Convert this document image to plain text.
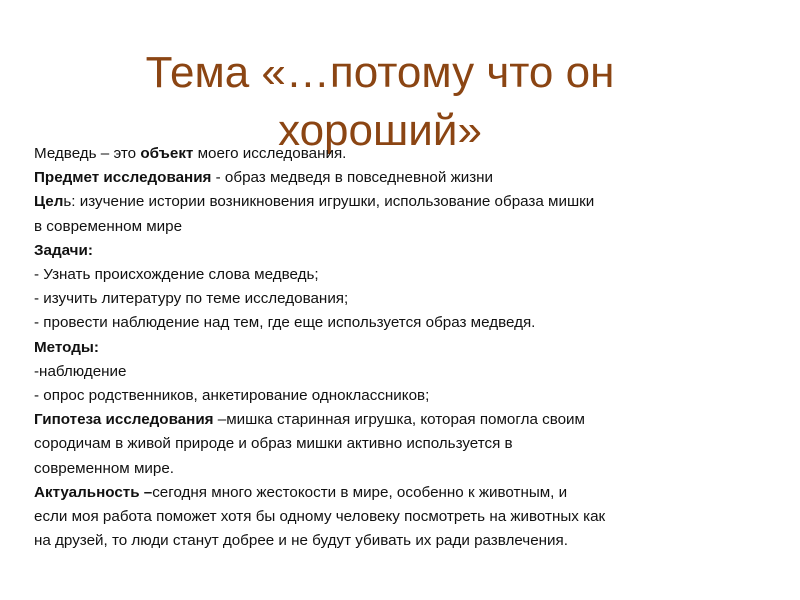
Тема «…потому что он хороший»
Медведь – это объект моего исследования.
Предмет исследования - образ медведя в повседневной жизни
Цель: изучение истории возникновения игрушки, использование образа мишки
в современном мире
Задачи:
- Узнать происхождение слова медведь;
- изучить литературу по теме исследования;
- провести наблюдение над тем, где еще используется образ медведя.
Методы:
-наблюдение
- опрос родственников, анкетирование одноклассников;
Гипотеза исследования –мишка старинная игрушка, которая помогла своим
сородичам в живой природе и образ мишки активно используется в
современном мире.
Актуальность –сегодня много жестокости в мире, особенно к животным, и
если моя работа поможет хотя бы одному человеку посмотреть на животных как
на друзей, то люди станут добрее и не будут убивать их ради развлечения.
